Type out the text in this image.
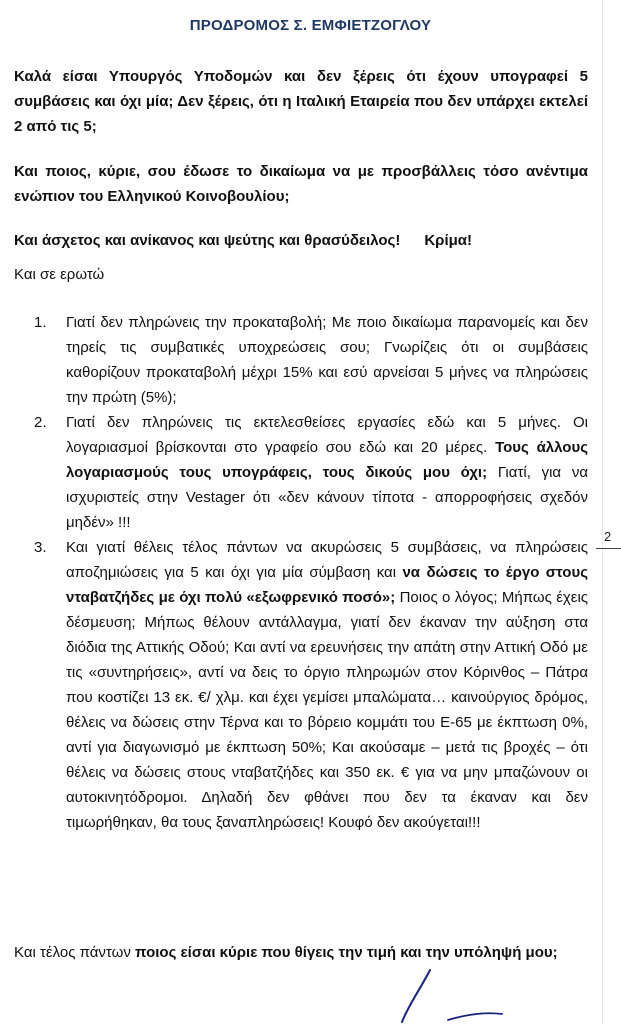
ΠΡΟΔΡΟΜΟΣ Σ. ΕΜΦΙΕΤΖΟΓΛΟΥ
2
Καλά είσαι Υπουργός Υποδομών και δεν ξέρεις ότι έχουν υπογραφεί 5 συμβάσεις και όχι μία; Δεν ξέρεις, ότι η Ιταλική Εταιρεία που δεν υπάρχει εκτελεί 2 από τις 5;
Και ποιος, κύριε, σου έδωσε το δικαίωμα να με προσβάλλεις τόσο ανέντιμα ενώπιον του Ελληνικού Κοινοβουλίου;
Και άσχετος και ανίκανος και ψεύτης και θρασύδειλος! Κρίμα!
Και σε ερωτώ
1. Γιατί δεν πληρώνεις την προκαταβολή; Με ποιο δικαίωμα παρανομείς και δεν τηρείς τις συμβατικές υποχρεώσεις σου; Γνωρίζεις ότι οι συμβάσεις καθορίζουν προκαταβολή μέχρι 15% και εσύ αρνείσαι 5 μήνες να πληρώσεις την πρώτη (5%);
2. Γιατί δεν πληρώνεις τις εκτελεσθείσες εργασίες εδώ και 5 μήνες. Οι λογαριασμοί βρίσκονται στο γραφείο σου εδώ και 20 μέρες. Τους άλλους λογαριασμούς τους υπογράφεις, τους δικούς μου όχι; Γιατί, για να ισχυριστείς στην Vestager ότι «δεν κάνουν τίποτα - απορροφήσεις σχεδόν μηδέν» !!!
3. Και γιατί θέλεις τέλος πάντων να ακυρώσεις 5 συμβάσεις, να πληρώσεις αποζημιώσεις για 5 και όχι για μία σύμβαση και να δώσεις το έργο στους νταβατζήδες με όχι πολύ «εξωφρενικό ποσό»; Ποιος ο λόγος; Μήπως έχεις δέσμευση; Μήπως θέλουν αντάλλαγμα, γιατί δεν έκαναν την αύξηση στα διόδια της Αττικής Οδού; Και αντί να ερευνήσεις την απάτη στην Αττική Οδό με τις «συντηρήσεις», αντί να δεις το όργιο πληρωμών στον Κόρινθος – Πάτρα που κοστίζει 13 εκ. €/ χλμ. και έχει γεμίσει μπαλώματα… καινούργιος δρόμος, θέλεις να δώσεις στην Τέρνα και το βόρειο κομμάτι του Ε-65 με έκπτωση 0%, αντί για διαγωνισμό με έκπτωση 50%; Και ακούσαμε – μετά τις βροχές – ότι θέλεις να δώσεις στους νταβατζήδες και 350 εκ. € για να μην μπαζώνουν οι αυτοκινητόδρομοι. Δηλαδή δεν φθάνει που δεν τα έκαναν και δεν τιμωρήθηκαν, θα τους ξαναπληρώσεις! Κουφό δεν ακούγεται!!!
Και τέλος πάντων ποιος είσαι κύριε που θίγεις την τιμή και την υπόληψή μου;
